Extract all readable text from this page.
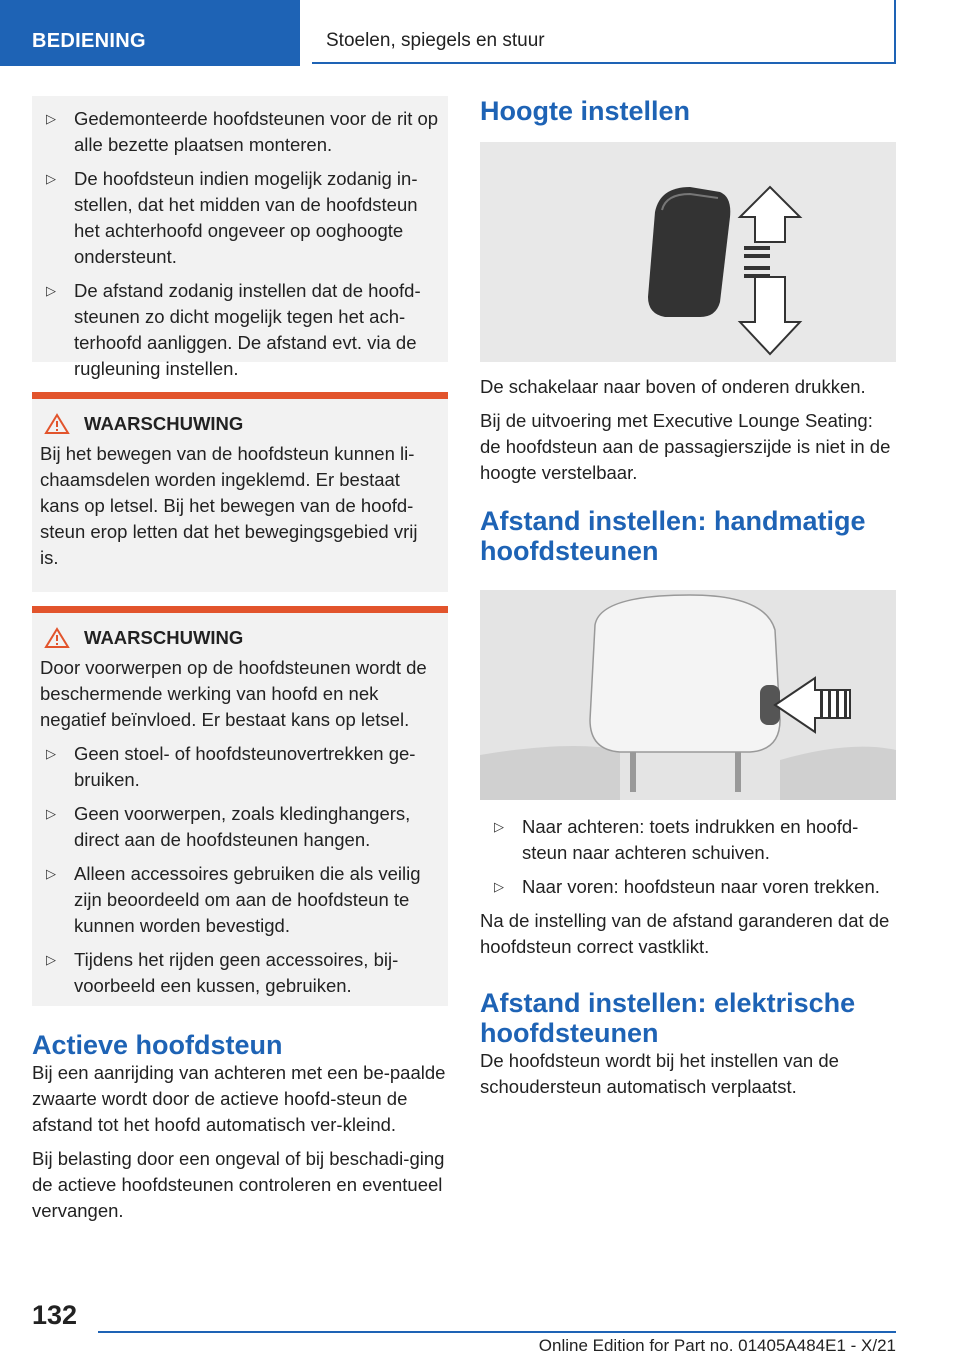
BEDIENING	Stoelen, spiegels en stuur
▷ Gedemonteerde hoofdsteunen voor de rit op alle bezette plaatsen monteren.
▷ De hoofdsteun indien mogelijk zodanig in‐stellen, dat het midden van de hoofdsteun het achterhoofd ongeveer op ooghoogte ondersteunt.
▷ De afstand zodanig instellen dat de hoofd‐steunen zo dicht mogelijk tegen het ach‐terhoofd aanliggen. De afstand evt. via de rugleuning instellen.
WAARSCHUWING

Bij het bewegen van de hoofdsteun kunnen li‐chaamsdelen worden ingeklemd. Er bestaat kans op letsel. Bij het bewegen van de hoofd‐steun erop letten dat het bewegingsgebied vrij is.

WAARSCHUWING

Door voorwerpen op de hoofdsteunen wordt de beschermende werking van hoofd en nek negatief beïnvloed. Er bestaat kans op letsel.

▷ Geen stoel- of hoofdsteunovertrekken ge‐bruiken.
▷ Geen voorwerpen, zoals kledinghangers, direct aan de hoofdsteunen hangen.
▷ Alleen accessoires gebruiken die als veilig zijn beoordeeld om aan de hoofdsteun te kunnen worden bevestigd.
▷ Tijdens het rijden geen accessoires, bij‐voorbeeld een kussen, gebruiken.
Actieve hoofdsteun

Bij een aanrijding van achteren met een be‐paalde zwaarte wordt door de actieve hoofd‐steun de afstand tot het hoofd automatisch ver‐kleind.

Bij belasting door een ongeval of bij beschadi‐ging de actieve hoofdsteunen controleren en eventueel vervangen.

Hoogte instellen

De schakelaar naar boven of onderen drukken.

Bij de uitvoering met Executive Lounge Seating: de hoofdsteun aan de passagierszijde is niet in de hoogte verstelbaar.

Afstand instellen: handmatige hoofdsteunen
▷ Naar achteren: toets indrukken en hoofd‐steun naar achteren schuiven.
▷ Naar voren: hoofdsteun naar voren trekken.

Na de instelling van de afstand garanderen dat de hoofdsteun correct vastklikt.

Afstand instellen: elektrische hoofdsteunen

De hoofdsteun wordt bij het instellen van de schoudersteun automatisch verplaatst.

132
Online Edition for Part no. 01405A484E1 - X/21
